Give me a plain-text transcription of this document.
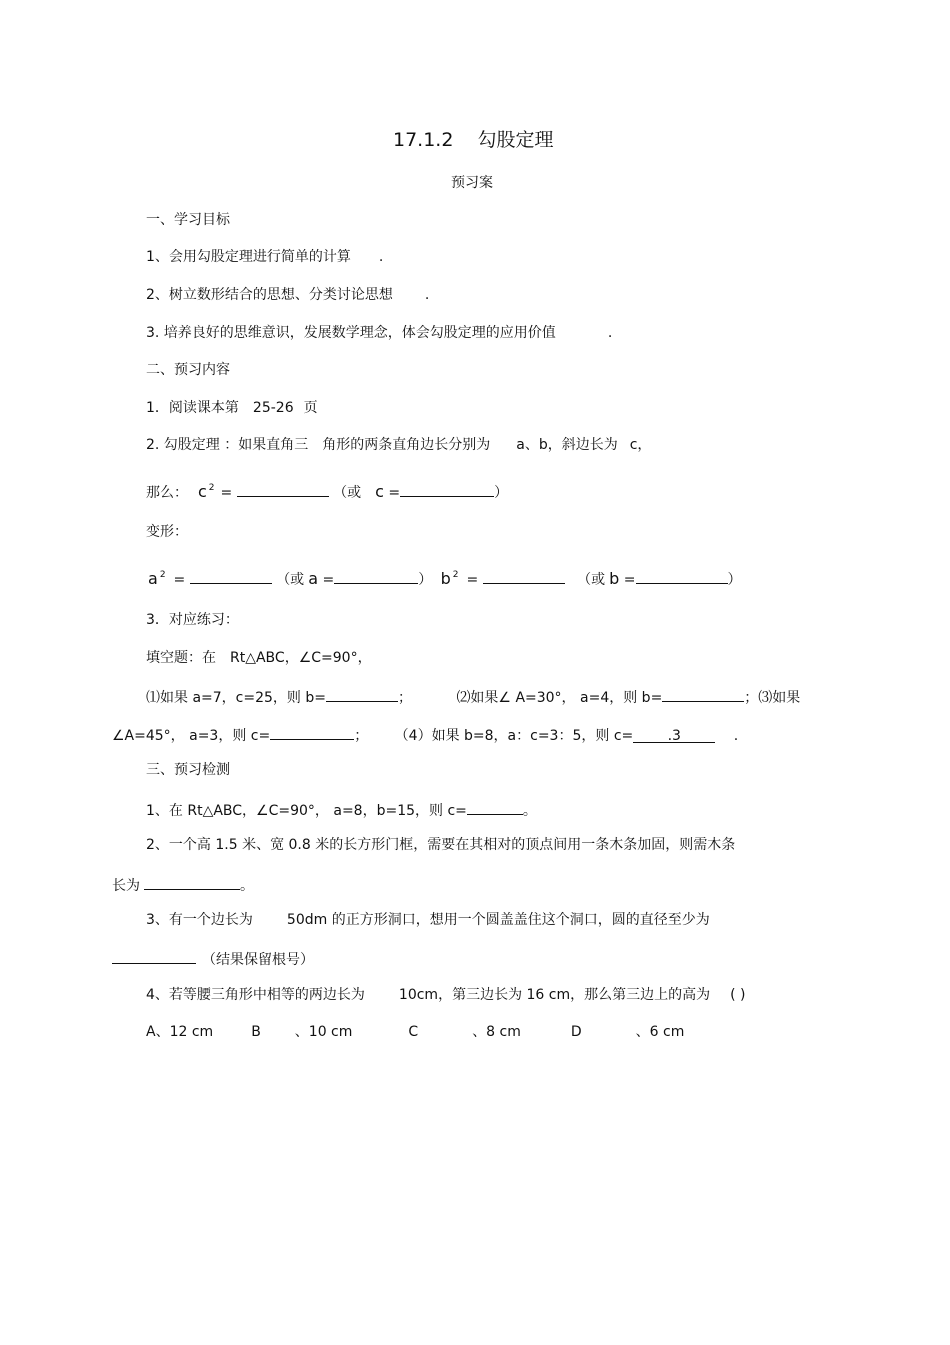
17.1.2 勾股定理
预习案
一、学习目标
1、会用勾股定理进行简单的计算 .
2、树立数形结合的思想、分类讨论思想 .
3. 培养良好的思维意识，发展数学理念，体会勾股定理的应用价值	.
二、预习内容
1．阅读课本第 25-26 页
2. 勾股定理 ：如果直角三 角形的两条直角边长分别为 a、b，斜边长为 c，
那么： c $^2$ =	（或 c =	）
变形：
a $^2$ =	（或 a =	） b $^2$ =	（或 b =	）
3．对应练习：
填空题：在 Rt△ABC，∠C=90°，
⑴如果 a=7，c=25，则 b=	；	⑵如果∠ A=30°， a=4，则 b=	；⑶如果
∠A=45°， a=3，则 c=	； （4）如果 b=8，a：c=3：5，则 c= .3	.
三、预习检测
1、在 Rt△ABC，∠C=90°， a=8，b=15，则 c=	。
2、一个高 1.5 米、宽 0.8 米的长方形门框，需要在其相对的顶点间用一条木条加固，则需木条
长为	。
3、有一个边长为 50dm 的正方形洞口，想用一个圆盖盖住这个洞口，圆的直径至少为
（结果保留根号）
4、若等腰三角形中相等的两边长为 10cm，第三边长为 16 cm，那么第三边上的高为 ( )
A、12 cm	B 、10 cm	C	、8 cm	D	、6 cm
